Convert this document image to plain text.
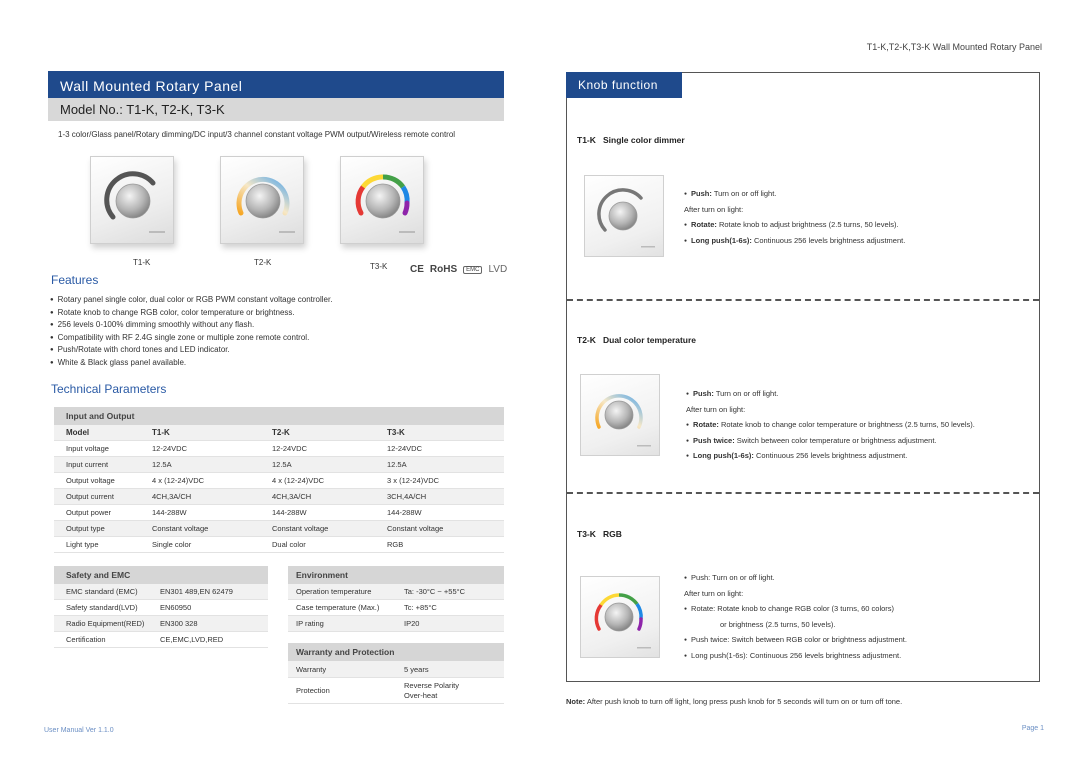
T1-K,T2-K,T3-K Wall Mounted Rotary Panel
Wall Mounted Rotary Panel
Model No.: T1-K, T2-K, T3-K
1-3 color/Glass panel/Rotary dimming/DC input/3 channel constant voltage PWM output/Wireless remote control
T1-K	T2-K	T3-K CE RoHS	EMC LVD
Features
● Rotary panel single color, dual color or RGB PWM constant voltage controller.
● Rotate knob to change RGB color, color temperature or brightness.
● 256 levels 0-100% dimming smoothly without any flash.
● Compatibility with RF 2.4G single zone or multiple zone remote control.
● Push/Rotate with chord tones and LED indicator.
● White & Black glass panel available.
Technical Parameters
Input and Output
Model	T1-K	T2-K	T3-K
Input voltage	12-24VDC	12-24VDC	12-24VDC
Input current	12.5A	12.5A	12.5A
Output voltage	4 x (12-24)VDC	4 x (12-24)VDC	3 x (12-24)VDC
Output current	4CH,3A/CH	4CH,3A/CH	3CH,4A/CH
Output power	144-288W	144-288W	144-288W
Output type	Constant voltage	Constant voltage	Constant voltage
Light type	Single color	Dual color	RGB
Safety and EMC
EMC standard (EMC)	EN301 489,EN 62479
Safety standard(LVD)	EN60950
Radio Equipment(RED)	EN300 328
Certification	CE,EMC,LVD,RED
Environment
Operation temperature	Ta: -30°C ~ +55°C
Case temperature (Max.)	Tc: +85°C
IP rating	IP20
Warranty and Protection
Warranty	5 years
Protection
Reverse Polarity
Over-heat
Knob function
T1-K Single color dimmer
● Push: Turn on or off light.
After turn on light:
● Rotate: Rotate knob to adjust brightness (2.5 turns, 50 levels).
● Long push(1-6s): Continuous 256 levels brightness adjustment.
T2-K Dual color temperature
● Push: Turn on or off light.
After turn on light:
● Rotate: Rotate knob to change color temperature or brightness (2.5 turns, 50 levels).
● Push twice: Switch between color temperature or brightness adjustment.
● Long push(1-6s): Continuous 256 levels brightness adjustment.
T3-K RGB
● Push: Turn on or off light.
After turn on light:
● Rotate: Rotate knob to change RGB color (3 turns, 60 colors)
or brightness (2.5 turns, 50 levels).
● Push twice: Switch between RGB color or brightness adjustment.
● Long push(1-6s): Continuous 256 levels brightness adjustment.
Note: After push knob to turn off light, long press push knob for 5 seconds will turn on or turn off tone.
User Manual Ver 1.1.0	Page 1
